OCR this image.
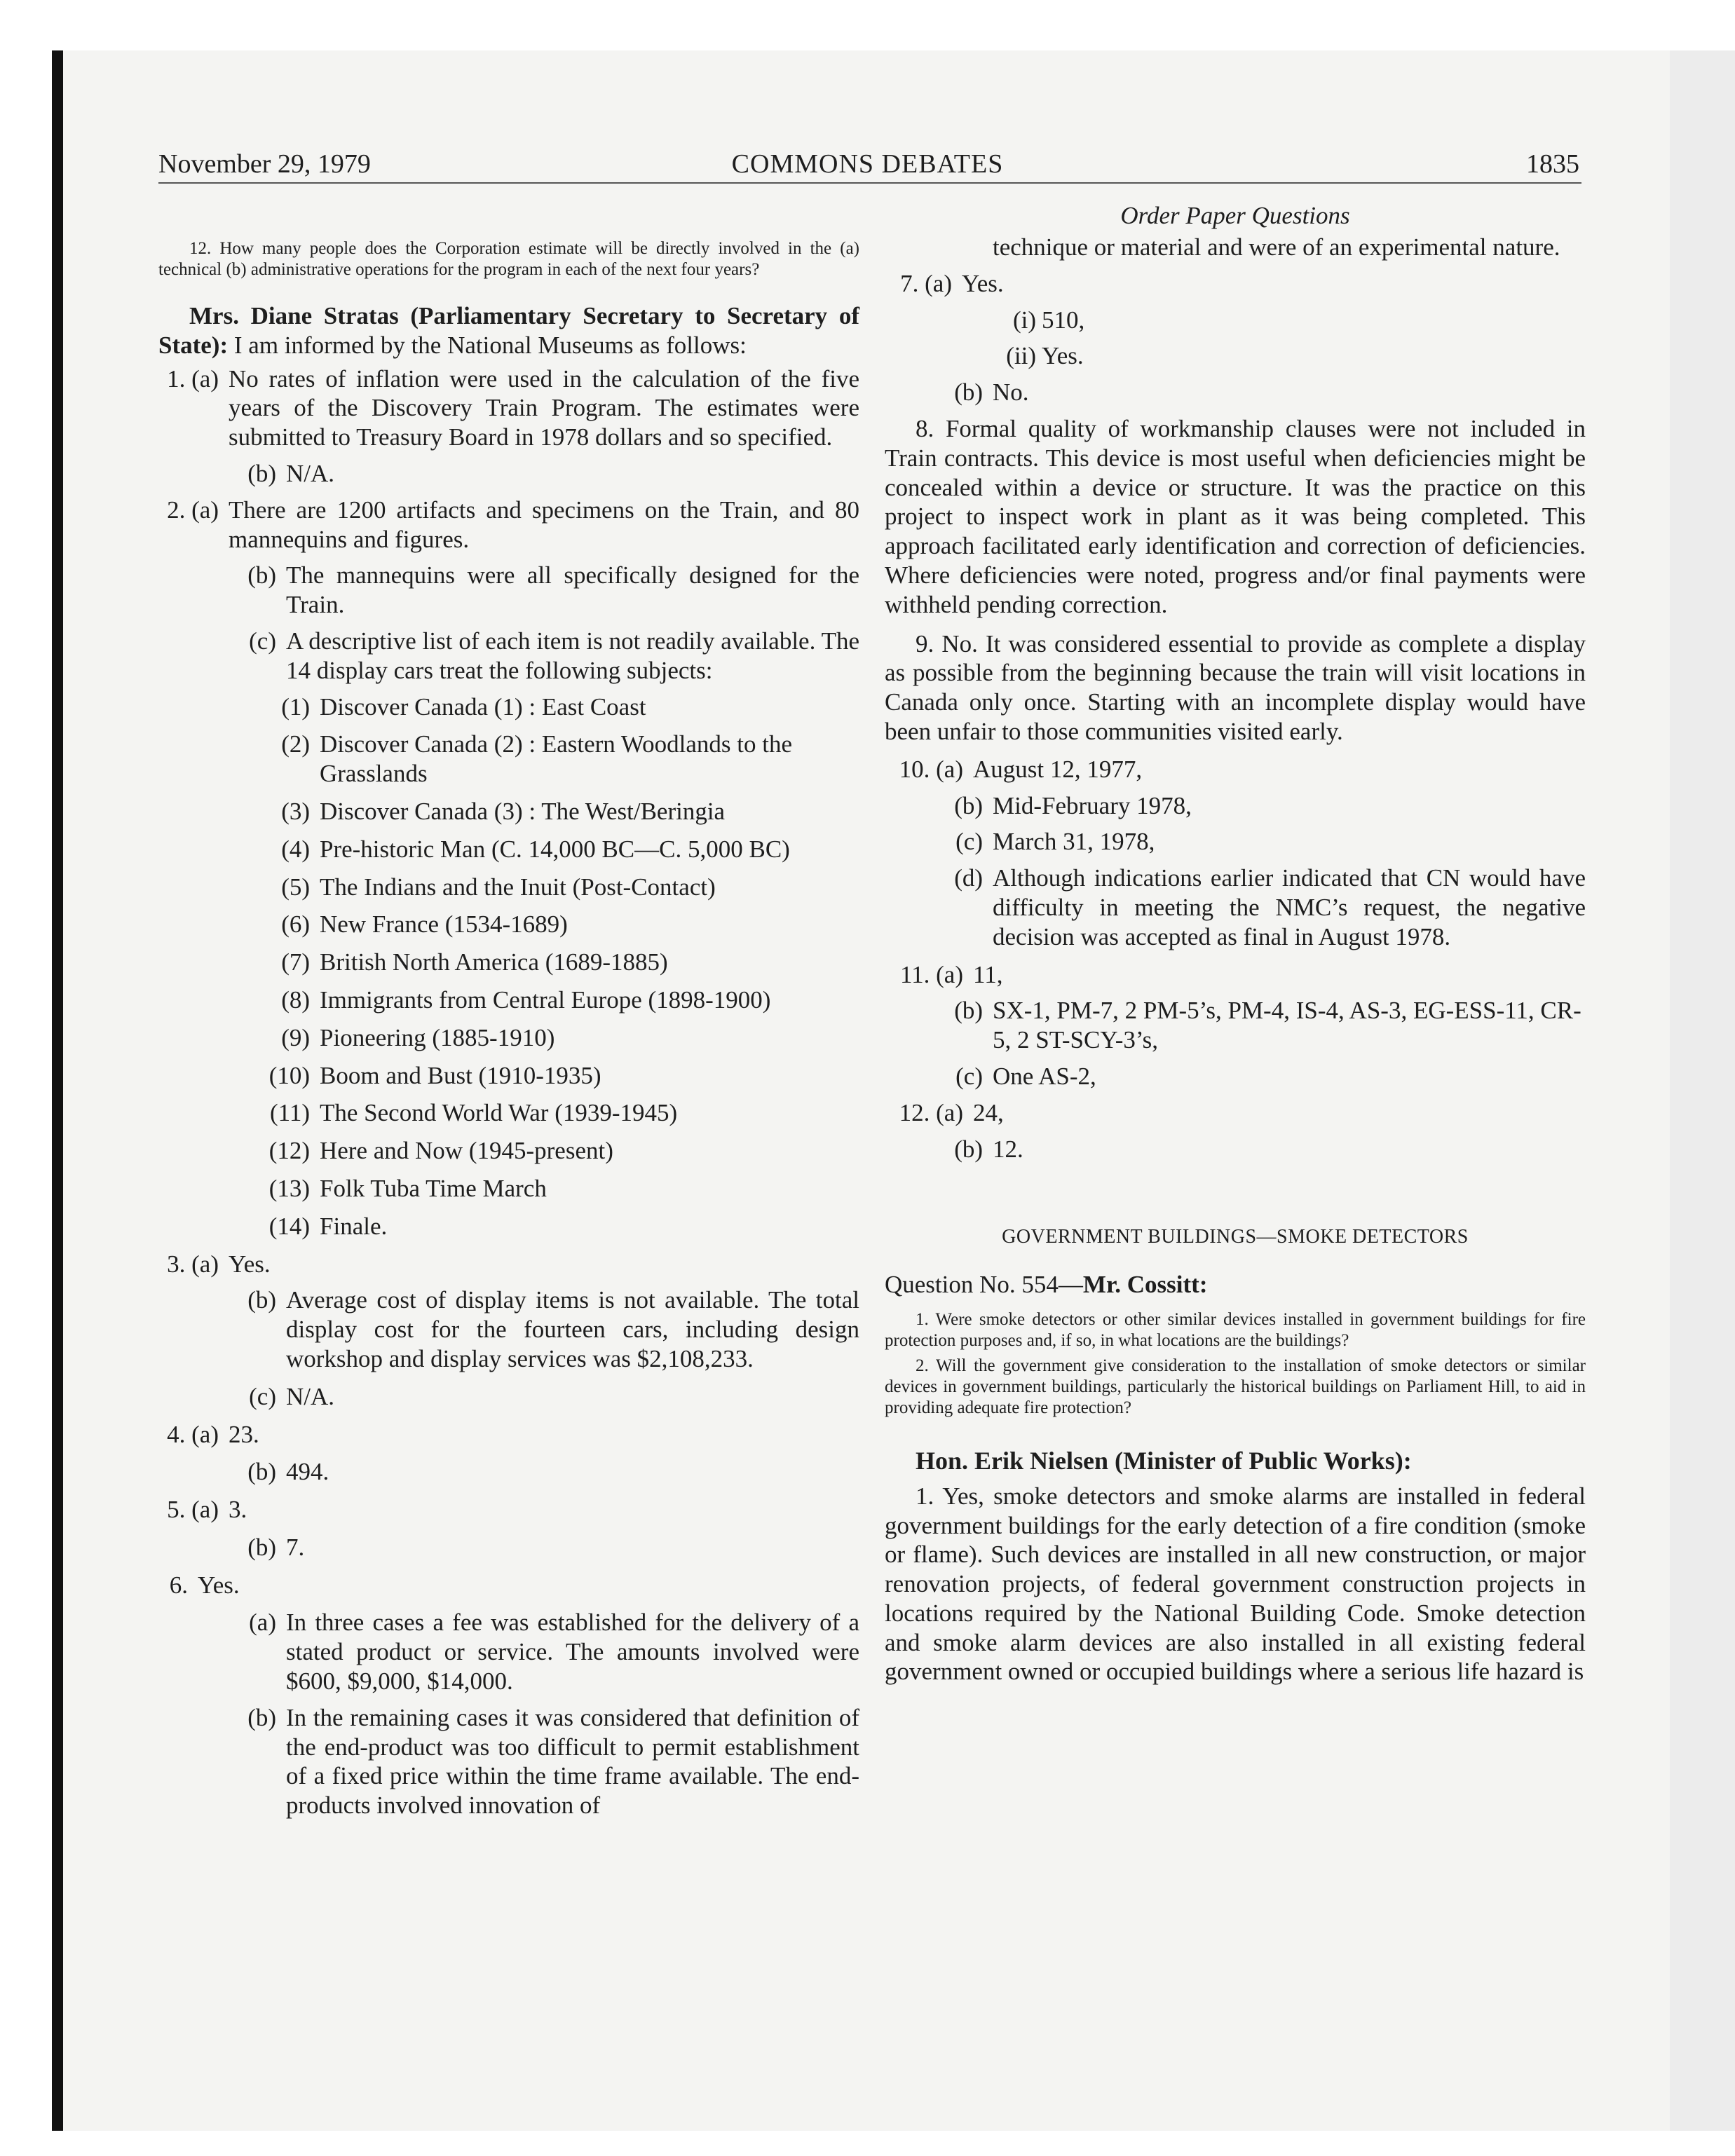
November 29, 1979	COMMONS DEBATES	1835

12. How many people does the Corporation estimate will be directly involved in the (a) technical (b) administrative operations for the program in each of the next four years?

Mrs. Diane Stratas (Parliamentary Secretary to Secretary of State): I am informed by the National Museums as follows:

1. (a) No rates of inflation were used in the calculation of the five years of the Discovery Train Program. The estimates were submitted to Treasury Board in 1978 dollars and so specified.
(b) N/A.
2. (a) There are 1200 artifacts and specimens on the Train, and 80 mannequins and figures.
(b) The mannequins were all specifically designed for the Train.
(c) A descriptive list of each item is not readily available. The 14 display cars treat the following subjects:
(1) Discover Canada (1) : East Coast
(2) Discover Canada (2) : Eastern Woodlands to the Grasslands
(3) Discover Canada (3) : The West/Beringia
(4) Pre-historic Man (C. 14,000 BC—C. 5,000 BC)
(5) The Indians and the Inuit (Post-Contact)
(6) New France (1534-1689)
(7) British North America (1689-1885)
(8) Immigrants from Central Europe (1898-1900)
(9) Pioneering (1885-1910)
(10) Boom and Bust (1910-1935)
(11) The Second World War (1939-1945)
(12) Here and Now (1945-present)
(13) Folk Tuba Time March
(14) Finale.
3. (a) Yes.
(b) Average cost of display items is not available. The total display cost for the fourteen cars, including design workshop and display services was $2,108,233.
(c) N/A.
4. (a) 23.
(b) 494.
5. (a) 3.
(b) 7.
6. Yes.
(a) In three cases a fee was established for the delivery of a stated product or service. The amounts involved were $600, $9,000, $14,000.
(b) In the remaining cases it was considered that definition of the end-product was too difficult to permit establishment of a fixed price within the time frame available. The end-products involved innovation of
Order Paper Questions
technique or material and were of an experimental nature.
7. (a) Yes.
(i) 510,
(ii) Yes.
(b) No.

8. Formal quality of workmanship clauses were not included in Train contracts. This device is most useful when deficiencies might be concealed within a device or structure. It was the practice on this project to inspect work in plant as it was being completed. This approach facilitated early identification and correction of deficiencies. Where deficiencies were noted, progress and/or final payments were withheld pending correction.

9. No. It was considered essential to provide as complete a display as possible from the beginning because the train will visit locations in Canada only once. Starting with an incomplete display would have been unfair to those communities visited early.

10. (a) August 12, 1977,
(b) Mid-February 1978,
(c) March 31, 1978,
(d) Although indications earlier indicated that CN would have difficulty in meeting the NMC’s request, the negative decision was accepted as final in August 1978.
11. (a) 11,
(b) SX-1, PM-7, 2 PM-5’s, PM-4, IS-4, AS-3, EG-ESS-11, CR-5, 2 ST-SCY-3’s,
(c) One AS-2,
12. (a) 24,
(b) 12.
GOVERNMENT BUILDINGS—SMOKE DETECTORS

Question No. 554—Mr. Cossitt:

1. Were smoke detectors or other similar devices installed in government buildings for fire protection purposes and, if so, in what locations are the buildings?

2. Will the government give consideration to the installation of smoke detectors or similar devices in government buildings, particularly the historical buildings on Parliament Hill, to aid in providing adequate fire protection?

Hon. Erik Nielsen (Minister of Public Works):

1. Yes, smoke detectors and smoke alarms are installed in federal government buildings for the early detection of a fire condition (smoke or flame). Such devices are installed in all new construction, or major renovation projects, of federal government construction projects in locations required by the National Building Code. Smoke detection and smoke alarm devices are also installed in all existing federal government owned or occupied buildings where a serious life hazard is
